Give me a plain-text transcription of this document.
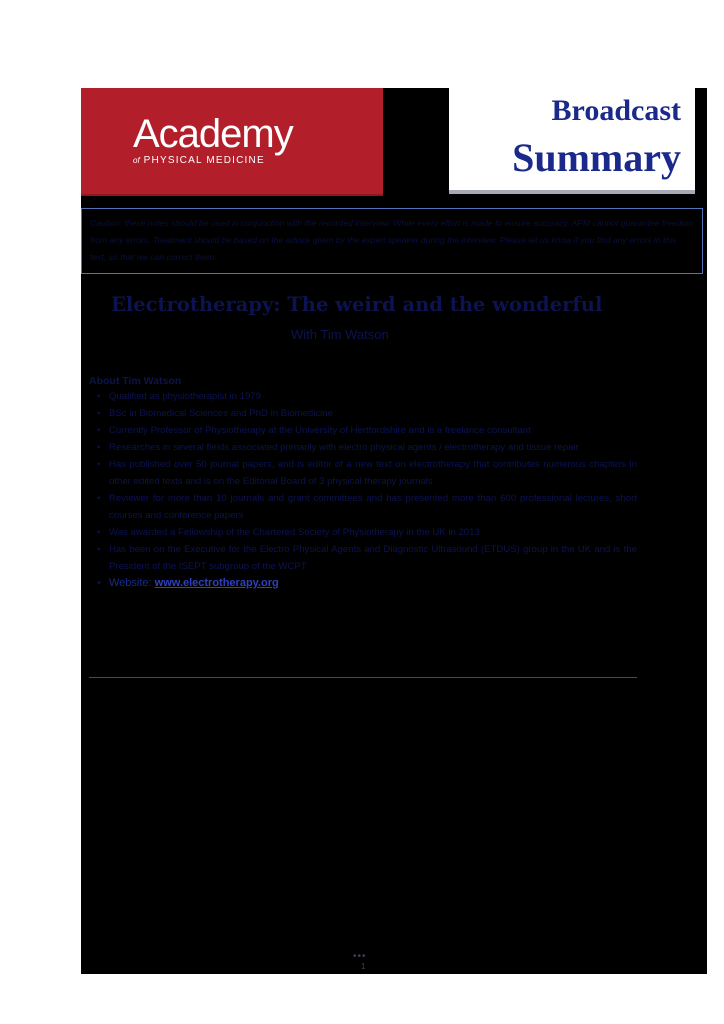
Academy
of PHYSICAL MEDICINE
Broadcast
Summary
Caution: these notes should be used in conjunction with the recorded interview. While every effort is made to ensure accuracy, APM cannot guarantee freedom from any errors. Treatment should be based on the advice given by the expert speaker during the interview. Please let us know if you find any errors in this text, so that we can correct them.
Electrotherapy: The weird and the wonderful
With Tim Watson
About Tim Watson
• Qualified as physiotherapist in 1979
• BSc in Biomedical Sciences and PhD in Biomedicine
• Currently Professor of Physiotherapy at the University of Hertfordshire and is a freelance consultant
• Researches in several fields associated primarily with electro physical agents / electrotherapy and tissue repair
• Has published over 50 journal papers, and is editor of a new text on electrotherapy that contributes numerous chapters in other edited texts and is on the Editorial Board of 3 physical therapy journals
• Reviewer for more than 10 journals and grant committees and has presented more than 600 professional lectures, short courses and conference papers
• Was awarded a Fellowship of the Chartered Society of Physiotherapy in the UK in 2013
• Has been on the Executive for the Electro Physical Agents and Diagnostic Ultrasound (ETDUS) group in the UK and is the President of the ISEPT subgroup of the WCPT
• Website: www.electrotherapy.org
•••
1
